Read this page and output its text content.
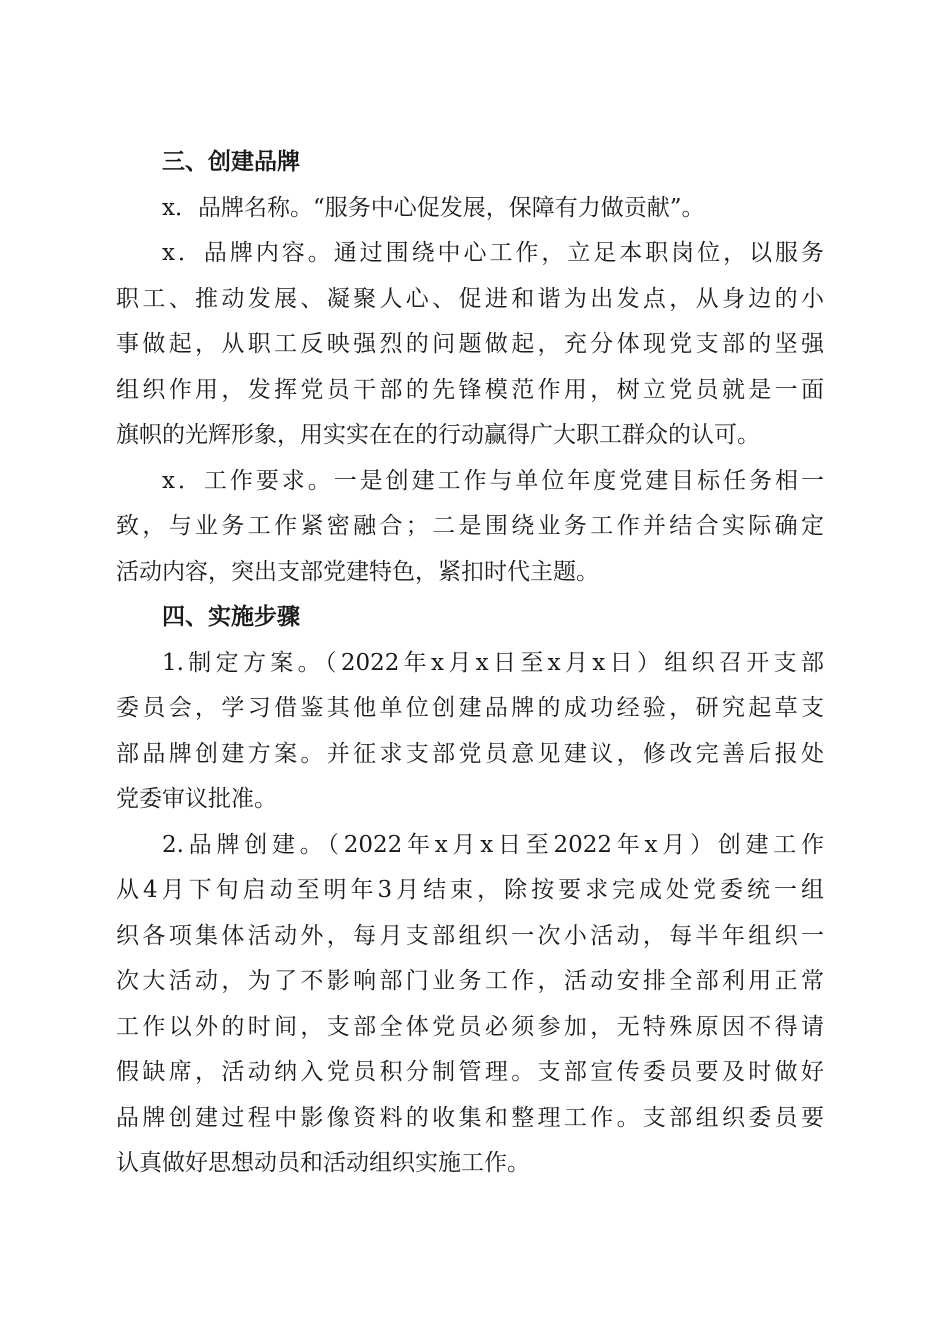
三、创建品牌
x．品牌名称。“服务中心促发展，保障有力做贡献”。
x．品牌内容。通过围绕中心工作，立足本职岗位，以服务
职工、推动发展、凝聚人心、促进和谐为出发点，从身边的小
事做起，从职工反映强烈的问题做起，充分体现党支部的坚强
组织作用，发挥党员干部的先锋模范作用，树立党员就是一面
旗帜的光辉形象，用实实在在的行动赢得广大职工群众的认可。
x．工作要求。一是创建工作与单位年度党建目标任务相一
致，与业务工作紧密融合；二是围绕业务工作并结合实际确定
活动内容，突出支部党建特色，紧扣时代主题。
四、实施步骤
1.制定方案。（2022年x月x日至x月x日）组织召开支部
委员会，学习借鉴其他单位创建品牌的成功经验，研究起草支
部品牌创建方案。并征求支部党员意见建议，修改完善后报处
党委审议批准。
2.品牌创建。（2022年x月x日至2022年x月）创建工作
从4月下旬启动至明年3月结束，除按要求完成处党委统一组
织各项集体活动外，每月支部组织一次小活动，每半年组织一
次大活动，为了不影响部门业务工作，活动安排全部利用正常
工作以外的时间，支部全体党员必须参加，无特殊原因不得请
假缺席，活动纳入党员积分制管理。支部宣传委员要及时做好
品牌创建过程中影像资料的收集和整理工作。支部组织委员要
认真做好思想动员和活动组织实施工作。
